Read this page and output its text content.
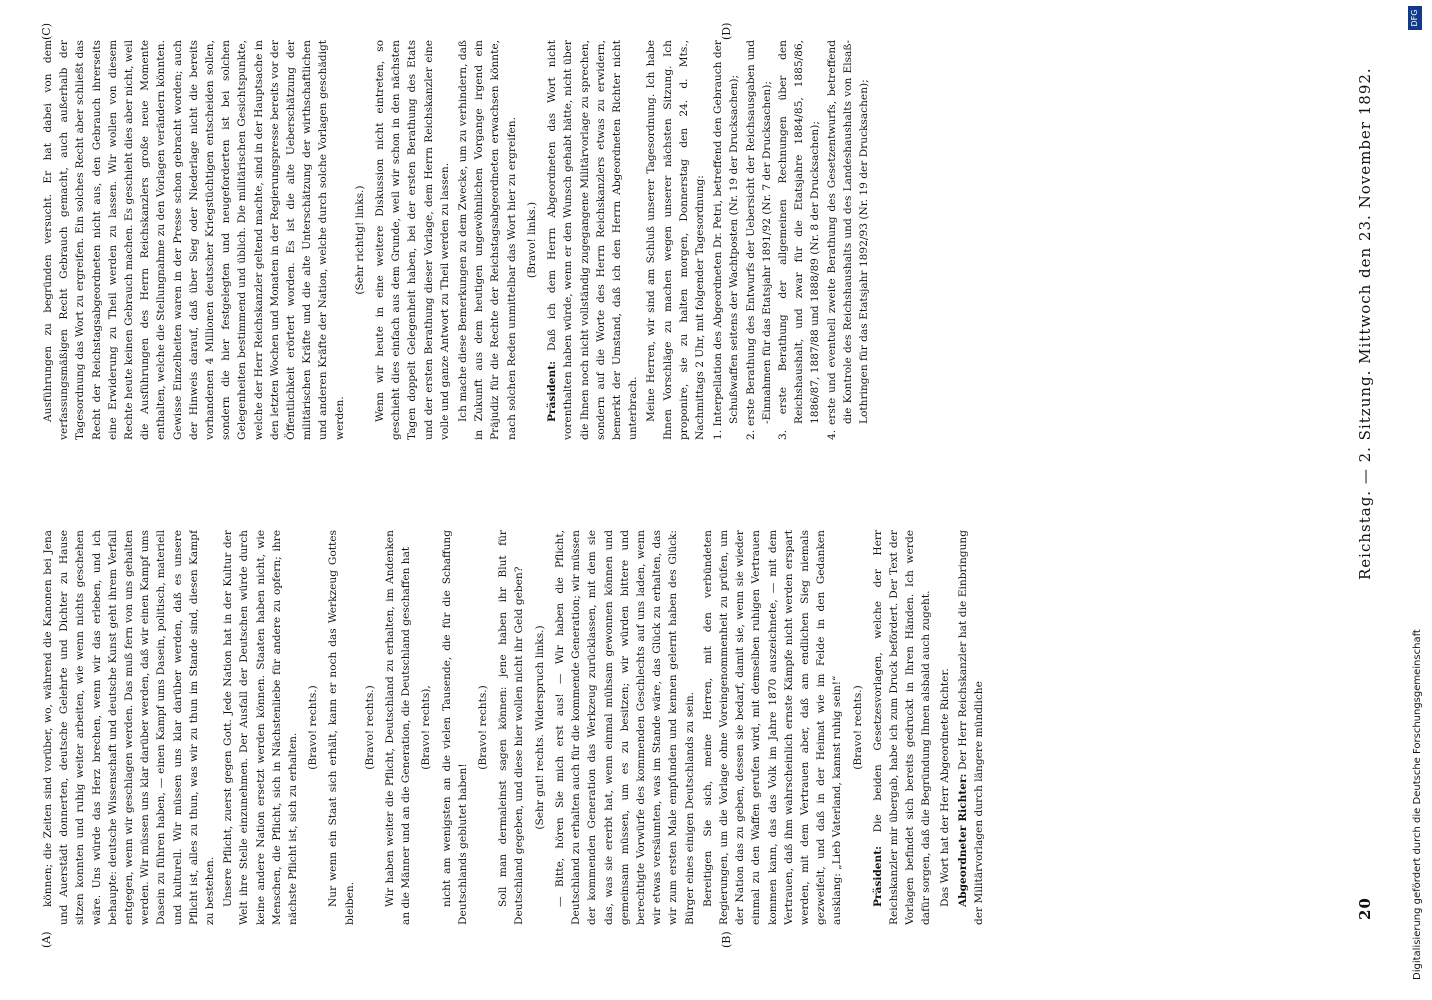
20
Reichstag. — 2. Sitzung. Mittwoch den 23. November 1892.
(A)	(B)
(C)	(D)

können; die Zeiten sind vorüber, wo, während die Kanonen bei Jena und Auerstädt donnerten, deutsche Gelehrte und Dichter zu Hause sitzen konnten und ruhig weiter arbeiten, wie wenn nichts geschehen wäre. Uns würde das Herz brechen, wenn wir das erleben, und ich behaupte: deutsche Wissenschaft und deutsche Kunst geht ihrem Verfall entgegen, wenn wir geschlagen werden. Das muß fern von uns gehalten werden. Wir müssen uns klar darüber werden, daß wir einen Kampf ums Dasein zu führen haben, — einen Kampf ums Dasein, politisch, materiell und kulturell. Wir müssen uns klar darüber werden, daß es unsere Pflicht ist, alles zu thun, was wir zu thun im Stande sind, diesen Kampf zu bestehen. Unsere Pflicht, zuerst gegen Gott. Jede Nation hat in der Kultur der Welt ihre Stelle einzunehmen. Der Ausfall der Deutschen würde durch keine andere Nation ersetzt werden können. Staaten haben nicht, wie Menschen, die Pflicht, sich in Nächstenliebe für andere zu opfern; ihre nächste Pflicht ist, sich zu erhalten.

(Bravo! rechts.) Nur wenn ein Staat sich erhält, kann er noch das Werkzeug Gottes bleiben.

(Bravo! rechts.) Wir haben weiter die Pflicht, Deutschland zu erhalten, im Andenken an die Männer und an die Generation, die Deutschland geschaffen hat (Bravo! rechts), nicht am wenigsten an die vielen Tausende, die für die Schaffung Deutschlands geblutet haben!

(Bravo! rechts.) Soll man dermaleinst sagen können: jene haben ihr Blut für Deutschland gegeben, und diese hier wollen nicht ihr Geld geben? (Sehr gut! rechts. Widerspruch links.) — Bitte, hören Sie mich erst aus! — Wir haben die Pflicht, Deutschland zu erhalten auch für die kommende Generation; wir müssen der kommenden Generation das Werkzeug zurücklassen, mit dem sie das, was sie ererbt hat, wenn einmal mühsam gewonnen können und gemeinsam müssen, um es zu besitzen; wir würden bittere und berechtigte Vorwürfe des kommenden Geschlechts auf uns laden, wenn wir etwas versäumten, was im Stande wäre, das Glück zu erhalten, das wir zum ersten Male empfunden und kennen gelernt haben des Glück: Bürger eines einigen Deutschlands zu sein. Bereitigen Sie sich, meine Herren, mit den verbündeten Regierungen, um die Vorlage ohne Voreingenommenheit zu prüfen, um der Nation das zu geben, dessen sie bedarf, damit sie, wenn sie wieder einmal zu den Waffen gerufen wird, mit demselben ruhigen Vertrauen kommen kann, das das Volk im Jahre 1870 auszeichnete, — mit dem Vertrauen, daß ihm wahrscheinlich ernste Kämpfe nicht werden erspart werden, mit dem Vertrauen aber, daß am endlichen Sieg niemals gezweifelt, und daß in der Heimat wie im Felde in den Gedanken ausklang: „Lieb Vaterland, kannst ruhig sein!“ (Bravo! rechts.)

Präsident: Die beiden Gesetzesvorlagen, welche der Herr Reichskanzler mir übergab, habe ich zum Druck befördert. Der Text der Vorlagen befindet sich bereits gedruckt in Ihren Händen. Ich werde dafür sorgen, daß die Begründung Ihnen alsbald auch zugeht. Das Wort hat der Herr Abgeordnete Richter. Abgeordneter Richter: Der Herr Reichskanzler hat die Einbringung der Militärvorlagen durch längere mündliche

Ausführungen zu begründen versucht. Er hat dabei von dem verfassungsmäßigen Recht Gebrauch gemacht, auch außerhalb der Tagesordnung das Wort zu ergreifen. Ein solches Recht aber schließt das Recht der Reichstagsabgeordneten nicht aus, den Gebrauch ihrerseits eine Erwiderung zu Theil werden zu lassen. Wir wollen von diesem Rechte heute keinen Gebrauch machen. Es geschieht dies aber nicht, weil die Ausführungen des Herrn Reichskanzlers große neue Momente enthalten, welche die Stellungnahme zu den Vorlagen verändern könnten. Gewisse Einzelheiten waren in der Presse schon gebracht worden; auch der Hinweis darauf, daß über Sieg oder Niederlage nicht die bereits vorhandenen 4 Millionen deutscher Kriegstüchtigen entscheiden sollen, sondern die hier festgelegten und neugeforderten ist bei solchen Gelegenheiten bestimmend und üblich. Die militärischen Gesichtspunkte, welche der Herr Reichskanzler geltend machte, sind in der Hauptsache in den letzten Wochen und Monaten in der Regierungspresse bereits vor der Öffentlichkeit erörtert worden. Es ist die alte Ueberschätzung der militärischen Kräfte und die alte Unterschätzung der wirthschaftlichen und anderen Kräfte der Nation, welche durch solche Vorlagen geschädigt werden.

(Sehr richtig! links.) Wenn wir heute in eine weitere Diskussion nicht eintreten, so geschieht dies einfach aus dem Grunde, weil wir schon in den nächsten Tagen doppelt Gelegenheit haben, bei der ersten Berathung des Etats und der ersten Berathung dieser Vorlage, dem Herrn Reichskanzler eine volle und ganze Antwort zu Theil werden zu lassen. Ich mache diese Bemerkungen zu dem Zwecke, um zu verhindern, daß in Zukunft aus dem heutigen ungewöhnlichen Vorgange irgend ein Präjudiz für die Rechte der Reichstagsabgeordneten erwachsen könnte, nach solchen Reden unmittelbar das Wort hier zu ergreifen. (Bravo! links.)

Präsident: Daß ich dem Herrn Abgeordneten das Wort nicht vorenthalten haben würde, wenn er den Wunsch gehabt hätte, nicht über die Ihnen noch nicht vollständig zugegangene Militärvorlage zu sprechen, sondern auf die Worte des Herrn Reichskanzlers etwas zu erwidern, bemerkt der Umstand, daß ich den Herrn Abgeordneten Richter nicht unterbrach. Meine Herren, wir sind am Schluß unserer Tagesordnung. Ich habe Ihnen Vorschläge zu machen wegen unserer nächsten Sitzung. Ich proponire, sie zu halten morgen, Donnerstag den 24. d. Mts., Nachmittags 2 Uhr, mit folgender Tagesordnung: 1. Interpellation des Abgeordneten Dr. Petri, betreffend den Gebrauch der Schußwaffen seitens der Wachtposten (Nr. 19 der Drucksachen); 2. erste Berathung des Entwurfs der Uebersicht der Reichsausgaben und -Einnahmen für das Etatsjahr 1891/92 (Nr. 7 der Drucksachen); 3. erste Berathung der allgemeinen Rechnungen über den Reichshaushalt, und zwar für die Etatsjahre 1884/85, 1885/86, 1886/87, 1887/88 und 1888/89 (Nr. 8 der Drucksachen); 4. erste und eventuell zweite Berathung des Gesetzentwurfs, betreffend die Kontrole des Reichshaushalts und des Landeshaushalts von Elsaß-Lothringen für das Etatsjahr 1892/93 (Nr. 19 der Drucksachen);

Digitalisierung gefördert durch die Deutsche Forschungsgemeinschaft
DFG
